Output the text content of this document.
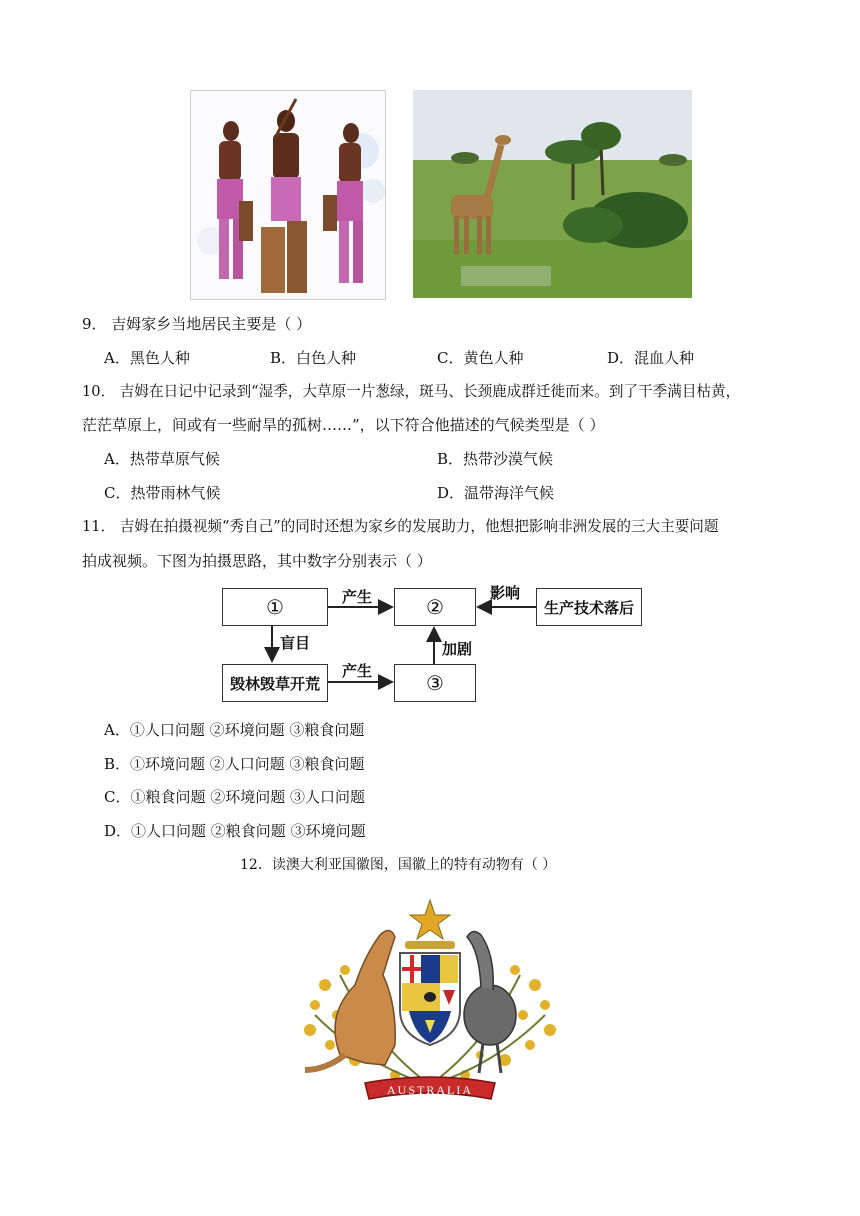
9． 吉姆家乡当地居民主要是（ ）
A．黑色人种	B．白色人种	C．黄色人种	D．混血人种
10． 吉姆在日记中记录到“湿季，大草原一片葱绿，斑马、长颈鹿成群迁徙而来。到了干季满目枯黄，
茫茫草原上，间或有一些耐旱的孤树……”，以下符合他描述的气候类型是（ ）
A．热带草原气候	B．热带沙漠气候
C．热带雨林气候	D．温带海洋气候
11． 吉姆在拍摄视频“秀自己”的同时还想为家乡的发展助力，他想把影响非洲发展的三大主要问题
拍成视频。下图为拍摄思路，其中数字分别表示（ ）
①	②	生产技术落后
毁林毁草开荒	③
产生	影响
盲目
产生
加剧
A．①人口问题 ②环境问题 ③粮食问题
B．①环境问题 ②人口问题 ③粮食问题
C．①粮食问题 ②环境问题 ③人口问题
D．①人口问题 ②粮食问题 ③环境问题
12．读澳大利亚国徽图，国徽上的特有动物有（ ）
AUSTRALIA
